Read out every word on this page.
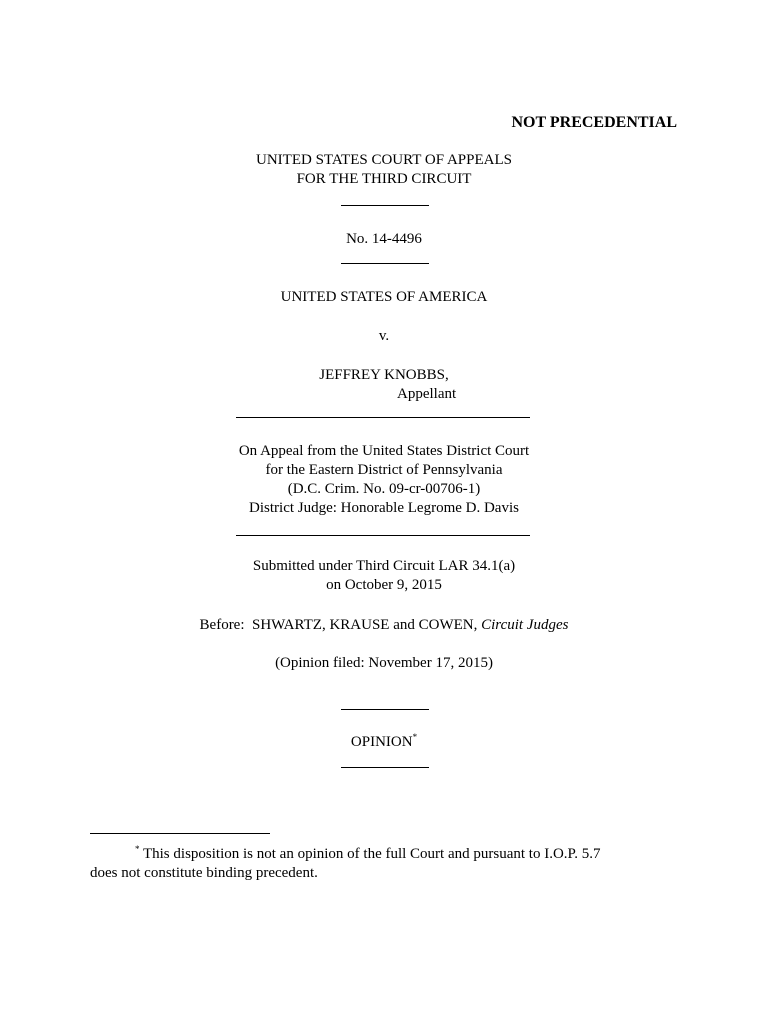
NOT PRECEDENTIAL
UNITED STATES COURT OF APPEALS
FOR THE THIRD CIRCUIT
No. 14-4496
UNITED STATES OF AMERICA
v.
JEFFREY KNOBBS,
Appellant
On Appeal from the United States District Court
for the Eastern District of Pennsylvania
(D.C. Crim. No. 09-cr-00706-1)
District Judge: Honorable Legrome D. Davis
Submitted under Third Circuit LAR 34.1(a)
on October 9, 2015
Before:  SHWARTZ, KRAUSE and COWEN, Circuit Judges
(Opinion filed: November 17, 2015)
OPINION*
* This disposition is not an opinion of the full Court and pursuant to I.O.P. 5.7
does not constitute binding precedent.
